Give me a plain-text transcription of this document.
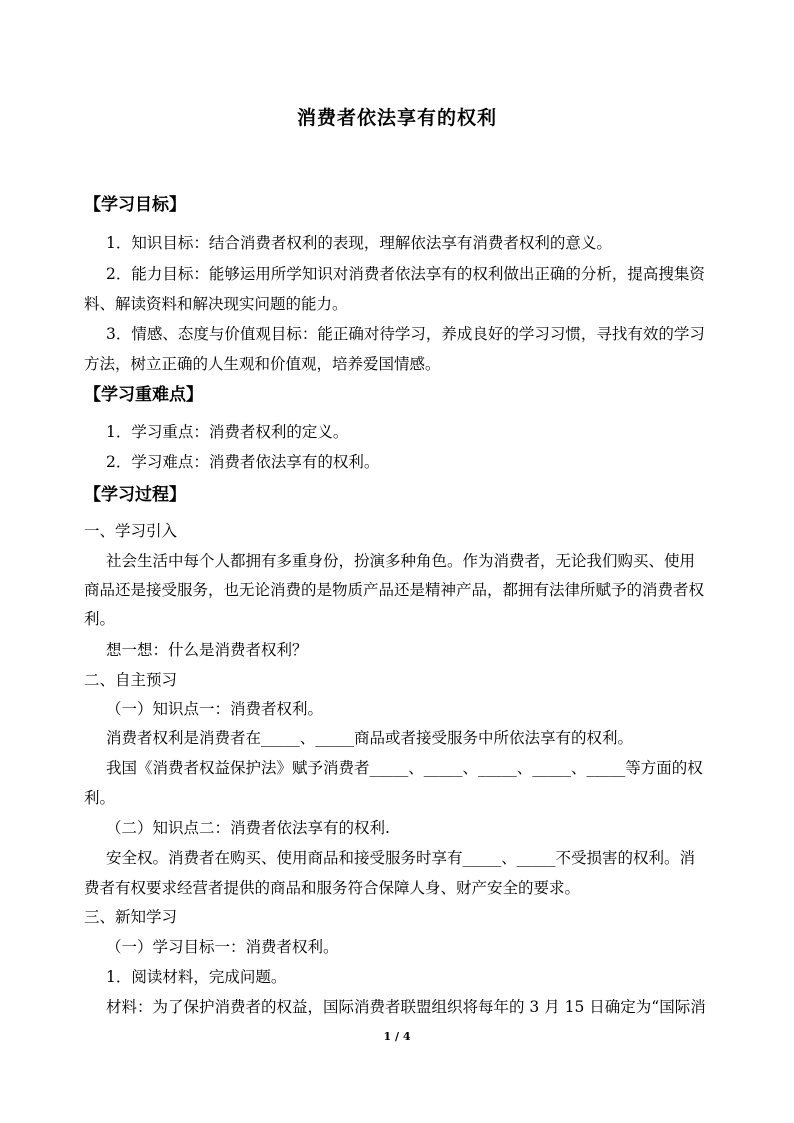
消费者依法享有的权利
【学习目标】
1．知识目标：结合消费者权利的表现，理解依法享有消费者权利的意义。
2．能力目标：能够运用所学知识对消费者依法享有的权利做出正确的分析，提高搜集资
料、解读资料和解决现实问题的能力。
3．情感、态度与价值观目标：能正确对待学习，养成良好的学习习惯，寻找有效的学习
方法，树立正确的人生观和价值观，培养爱国情感。
【学习重难点】
1．学习重点：消费者权利的定义。
2．学习难点：消费者依法享有的权利。
【学习过程】
一、学习引入
社会生活中每个人都拥有多重身份，扮演多种角色。作为消费者，无论我们购买、使用
商品还是接受服务，也无论消费的是物质产品还是精神产品，都拥有法律所赋予的消费者权
利。
想一想：什么是消费者权利？
二、自主预习
（一）知识点一：消费者权利。
消费者权利是消费者在_____、_____商品或者接受服务中所依法享有的权利。
我国《消费者权益保护法》赋予消费者_____、_____、_____、_____、_____等方面的权
利。
（二）知识点二：消费者依法享有的权利.
安全权。消费者在购买、使用商品和接受服务时享有_____、_____不受损害的权利。消
费者有权要求经营者提供的商品和服务符合保障人身、财产安全的要求。
三、新知学习
（一）学习目标一：消费者权利。
1．阅读材料，完成问题。
材料：为了保护消费者的权益，国际消费者联盟组织将每年的 3 月 15 日确定为“国际消
1 / 4
